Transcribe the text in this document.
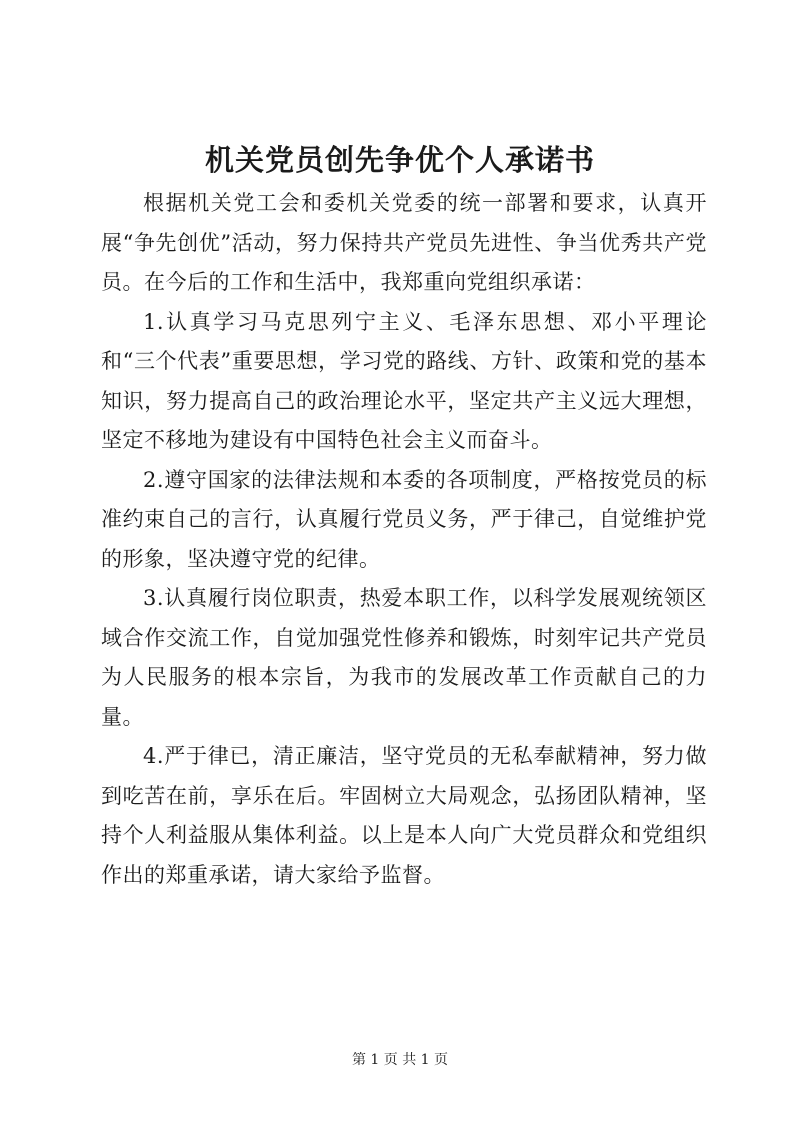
机关党员创先争优个人承诺书

根据机关党工会和委机关党委的统一部署和要求，认真开展“争先创优”活动，努力保持共产党员先进性、争当优秀共产党员。在今后的工作和生活中，我郑重向党组织承诺：

1.认真学习马克思列宁主义、毛泽东思想、邓小平理论和“三个代表”重要思想，学习党的路线、方针、政策和党的基本知识，努力提高自己的政治理论水平，坚定共产主义远大理想，坚定不移地为建设有中国特色社会主义而奋斗。

2.遵守国家的法律法规和本委的各项制度，严格按党员的标准约束自己的言行，认真履行党员义务，严于律己，自觉维护党的形象，坚决遵守党的纪律。

3.认真履行岗位职责，热爱本职工作，以科学发展观统领区域合作交流工作，自觉加强党性修养和锻炼，时刻牢记共产党员为人民服务的根本宗旨，为我市的发展改革工作贡献自己的力量。

4.严于律已，清正廉洁，坚守党员的无私奉献精神，努力做到吃苦在前，享乐在后。牢固树立大局观念，弘扬团队精神，坚持个人利益服从集体利益。以上是本人向广大党员群众和党组织作出的郑重承诺，请大家给予监督。

第 1 页 共 1 页
